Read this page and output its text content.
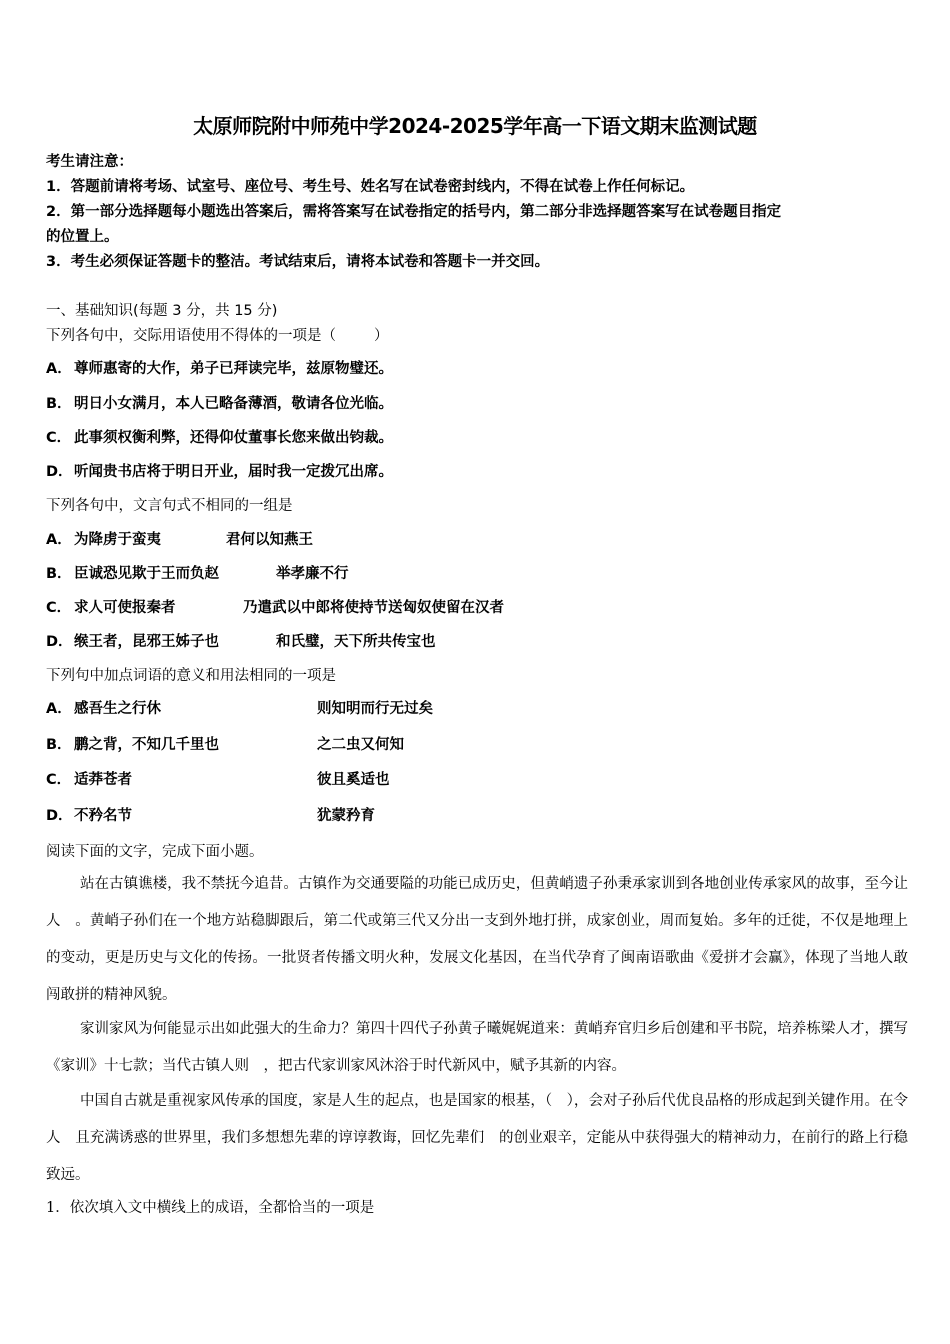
太原师院附中师苑中学2024-2025学年高一下语文期末监测试题
考生请注意：
1．答题前请将考场、试室号、座位号、考生号、姓名写在试卷密封线内，不得在试卷上作任何标记。
2．第一部分选择题每小题选出答案后，需将答案写在试卷指定的括号内，第二部分非选择题答案写在试卷题目指定
的位置上。
3．考生必须保证答题卡的整洁。考试结束后，请将本试卷和答题卡一并交回。
一、基础知识(每题 3 分，共 15 分)
下列各句中，交际用语使用不得体的一项是（	）
A． 尊师惠寄的大作，弟子已拜读完毕，兹原物璧还。
B． 明日小女满月，本人已略备薄酒，敬请各位光临。
C． 此事须权衡利弊，还得仰仗董事长您来做出钧裁。
D．听闻贵书店将于明日开业，届时我一定拨冗出席。
下列各句中，文言句式不相同的一组是
A． 为降虏于蛮夷	君何以知燕王
B． 臣诚恐见欺于王而负赵	举孝廉不行
C． 求人可使报秦者	乃遣武以中郎将使持节送匈奴使留在汉者
D．缑王者，昆邪王姊子也	和氏璧，天下所共传宝也
下列句中加点词语的意义和用法相同的一项是
A． 感吾生之行休	则知明而行无过矣
B． 鹏之背，不知几千里也	之二虫又何知
C． 适莽苍者	彼且奚适也
D．不矜名节	犹蒙矜育
阅读下面的文字，完成下面小题。
站在古镇谯楼，我不禁抚今追昔。古镇作为交通要隘的功能已成历史，但黄峭遗子孙秉承家训到各地创业传承家风的故事，至今让人　。黄峭子孙们在一个地方站稳脚跟后，第二代或第三代又分出一支到外地打拼，成家创业，周而复始。多年的迁徙，不仅是地理上的变动，更是历史与文化的传扬。一批贤者传播文明火种，发展文化基因，在当代孕育了闽南语歌曲《爱拼才会赢》，体现了当地人敢闯敢拼的精神风貌。
家训家风为何能显示出如此强大的生命力？第四十四代子孙黄子曦娓娓道来：黄峭弃官归乡后创建和平书院，培养栋梁人才，撰写《家训》十七款；当代古镇人则　，把古代家训家风沐浴于时代新风中，赋予其新的内容。
中国自古就是重视家风传承的国度，家是人生的起点，也是国家的根基，（　），会对子孙后代优良品格的形成起到关键作用。在令人　且充满诱惑的世界里，我们多想想先辈的谆谆教诲，回忆先辈们　的创业艰辛，定能从中获得强大的精神动力，在前行的路上行稳致远。
1．依次填入文中横线上的成语，全都恰当的一项是
